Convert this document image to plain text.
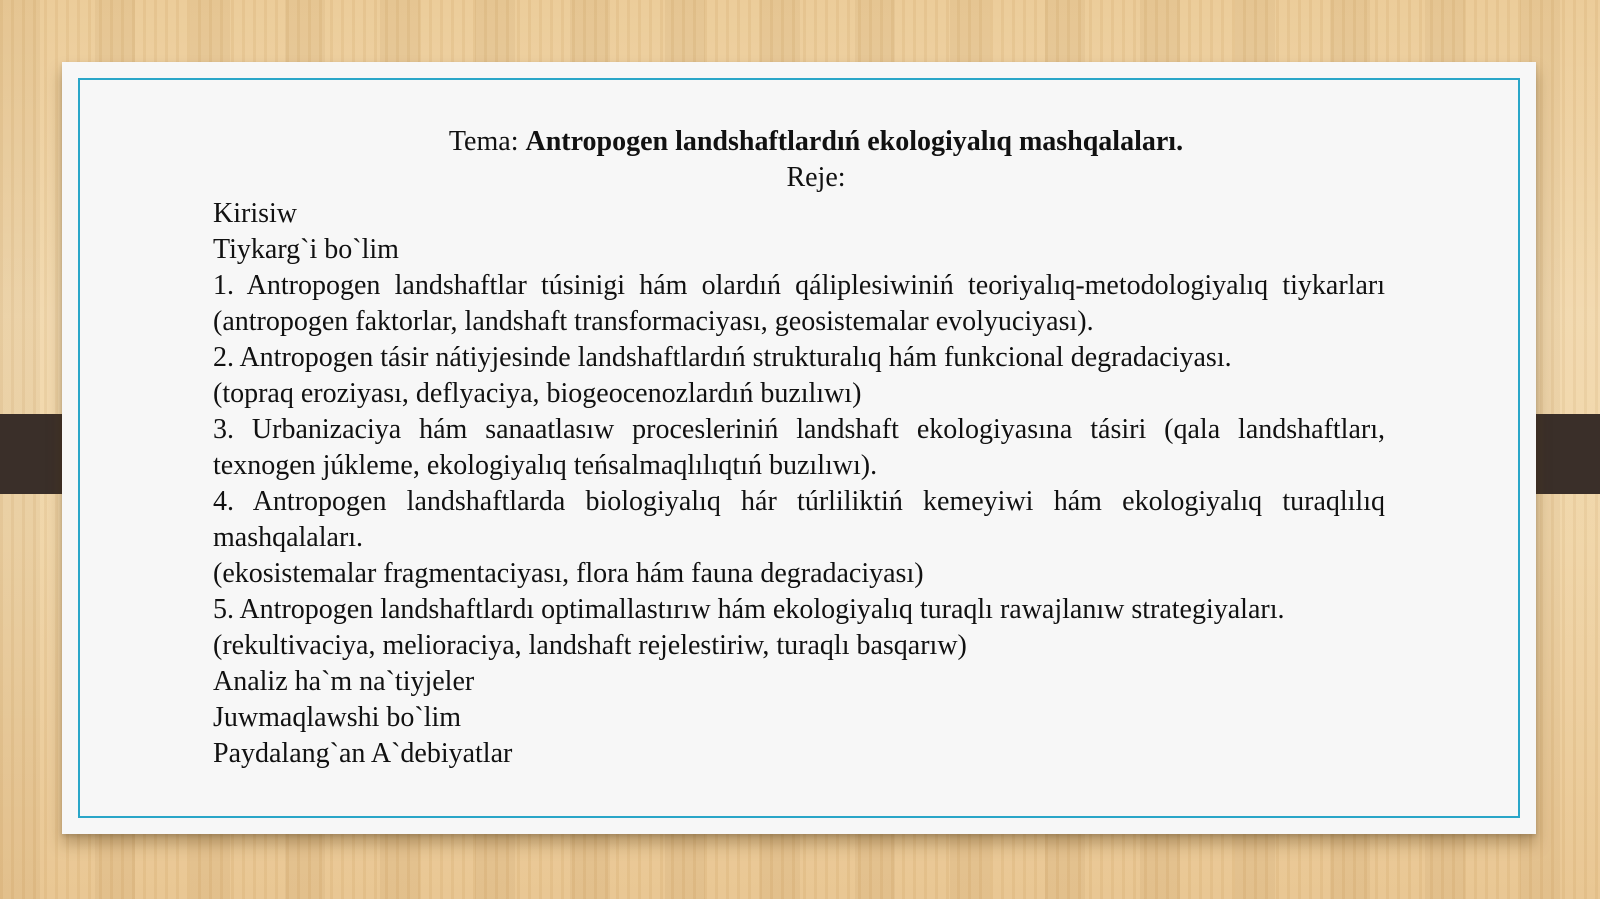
Tema: Antropogen landshaftlardıń ekologiyalıq mashqalaları.

Reje:

Kirisiw

Tiykarg`i bo`lim

1. Antropogen landshaftlar túsinigi hám olardıń qáliplesiwiniń teoriyalıq-metodologiyalıq tiykarları (antropogen faktorlar, landshaft transformaciyası, geosistemalar evolyuciyası).

2. Antropogen tásir nátiyjesinde landshaftlardıń strukturalıq hám funkcional degradaciyası.

(topraq eroziyası, deflyaciya, biogeocenozlardıń buzılıwı)

3. Urbanizaciya hám sanaatlasıw procesleriniń landshaft ekologiyasına tásiri (qala landshaftları, texnogen júkleme, ekologiyalıq teńsalmaqlılıqtıń buzılıwı).

4. Antropogen landshaftlarda biologiyalıq hár túrliliktiń kemeyiwi hám ekologiyalıq turaqlılıq mashqalaları.

(ekosistemalar fragmentaciyası, flora hám fauna degradaciyası)

5. Antropogen landshaftlardı optimallastırıw hám ekologiyalıq turaqlı rawajlanıw strategiyaları.

(rekultivaciya, melioraciya, landshaft rejelestiriw, turaqlı basqarıw)

Analiz ha`m na`tiyjeler

Juwmaqlawshi bo`lim

Paydalang`an A`debiyatlar
